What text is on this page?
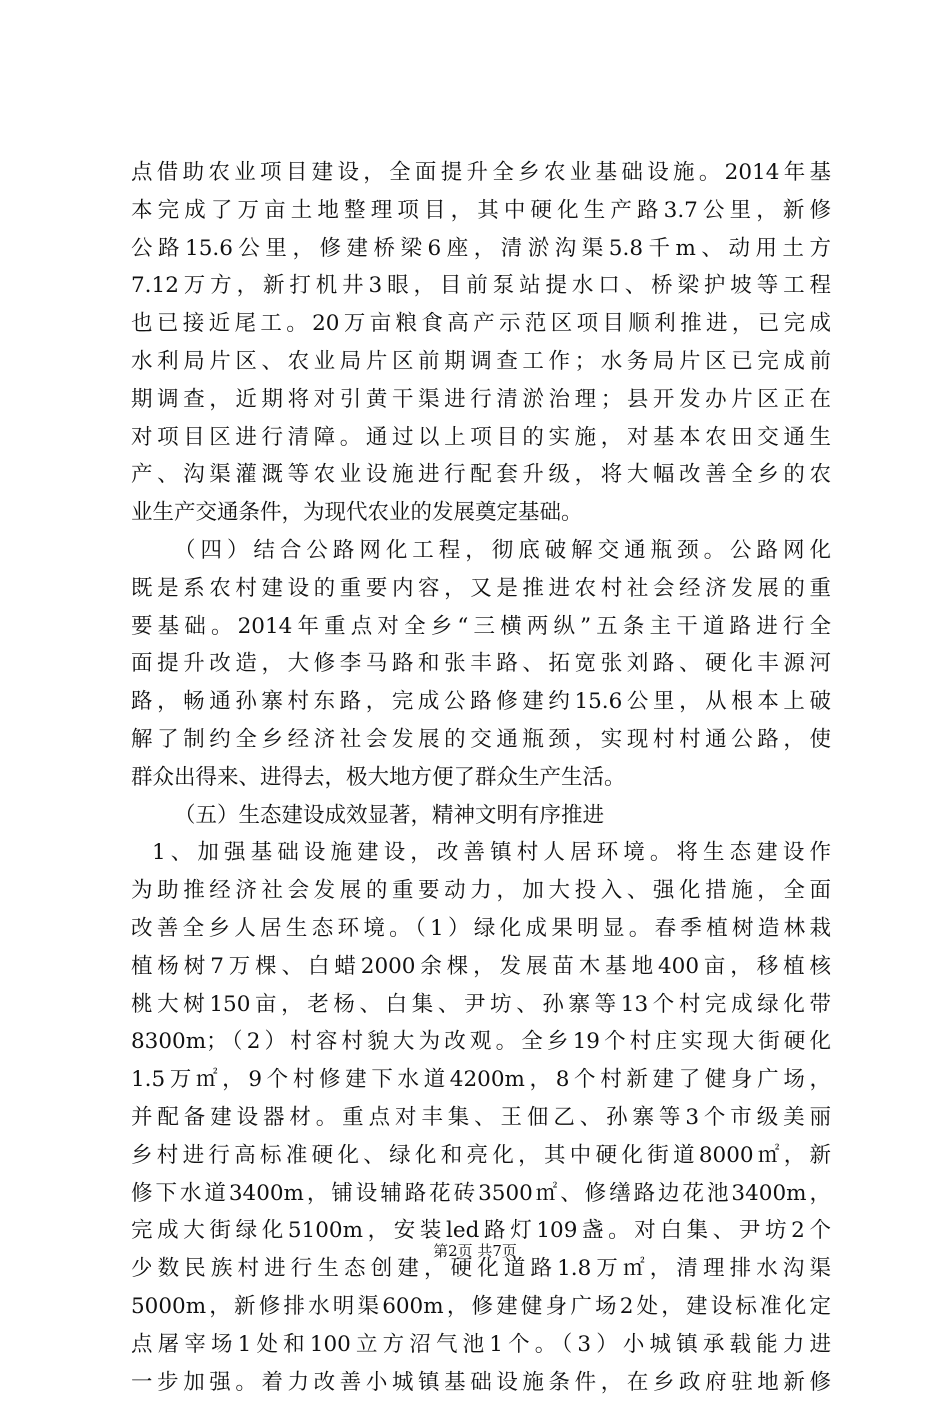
点借助农业项目建设，全面提升全乡农业基础设施。2014年基
本完成了万亩土地整理项目，其中硬化生产路3.7公里，新修
公路15.6公里，修建桥梁6座，清淤沟渠5.8千m、动用土方
7.12万方，新打机井3眼，目前泵站提水口、桥梁护坡等工程
也已接近尾工。20万亩粮食高产示范区项目顺利推进，已完成
水利局片区、农业局片区前期调查工作；水务局片区已完成前
期调查，近期将对引黄干渠进行清淤治理；县开发办片区正在
对项目区进行清障。通过以上项目的实施，对基本农田交通生
产、沟渠灌溉等农业设施进行配套升级，将大幅改善全乡的农
业生产交通条件，为现代农业的发展奠定基础。
（四）结合公路网化工程，彻底破解交通瓶颈。公路网化
既是系农村建设的重要内容，又是推进农村社会经济发展的重
要基础。2014年重点对全乡“三横两纵”五条主干道路进行全
面提升改造，大修李马路和张丰路、拓宽张刘路、硬化丰源河
路，畅通孙寨村东路，完成公路修建约15.6公里，从根本上破
解了制约全乡经济社会发展的交通瓶颈，实现村村通公路，使
群众出得来、进得去，极大地方便了群众生产生活。
（五）生态建设成效显著，精神文明有序推进
1、加强基础设施建设，改善镇村人居环境。将生态建设作
为助推经济社会发展的重要动力，加大投入、强化措施，全面
改善全乡人居生态环境。（1）绿化成果明显。春季植树造林栽
植杨树7万棵、白蜡2000余棵，发展苗木基地400亩，移植核
桃大树150亩，老杨、白集、尹坊、孙寨等13个村完成绿化带
8300m；（2）村容村貌大为改观。全乡19个村庄实现大街硬化
1.5万㎡，9个村修建下水道4200m，8个村新建了健身广场，
并配备建设器材。重点对丰集、王佃乙、孙寨等3个市级美丽
乡村进行高标准硬化、绿化和亮化，其中硬化街道8000㎡，新
修下水道3400m，铺设辅路花砖3500㎡、修缮路边花池3400m，
完成大街绿化5100m，安装led路灯109盏。对白集、尹坊2个
少数民族村进行生态创建，硬化道路1.8万㎡，清理排水沟渠
5000m，新修排水明渠600m，修建健身广场2处，建设标准化定
点屠宰场1处和100立方沼气池1个。（3）小城镇承载能力进
一步加强。着力改善小城镇基础设施条件，在乡政府驻地新修
第2页 共7页
